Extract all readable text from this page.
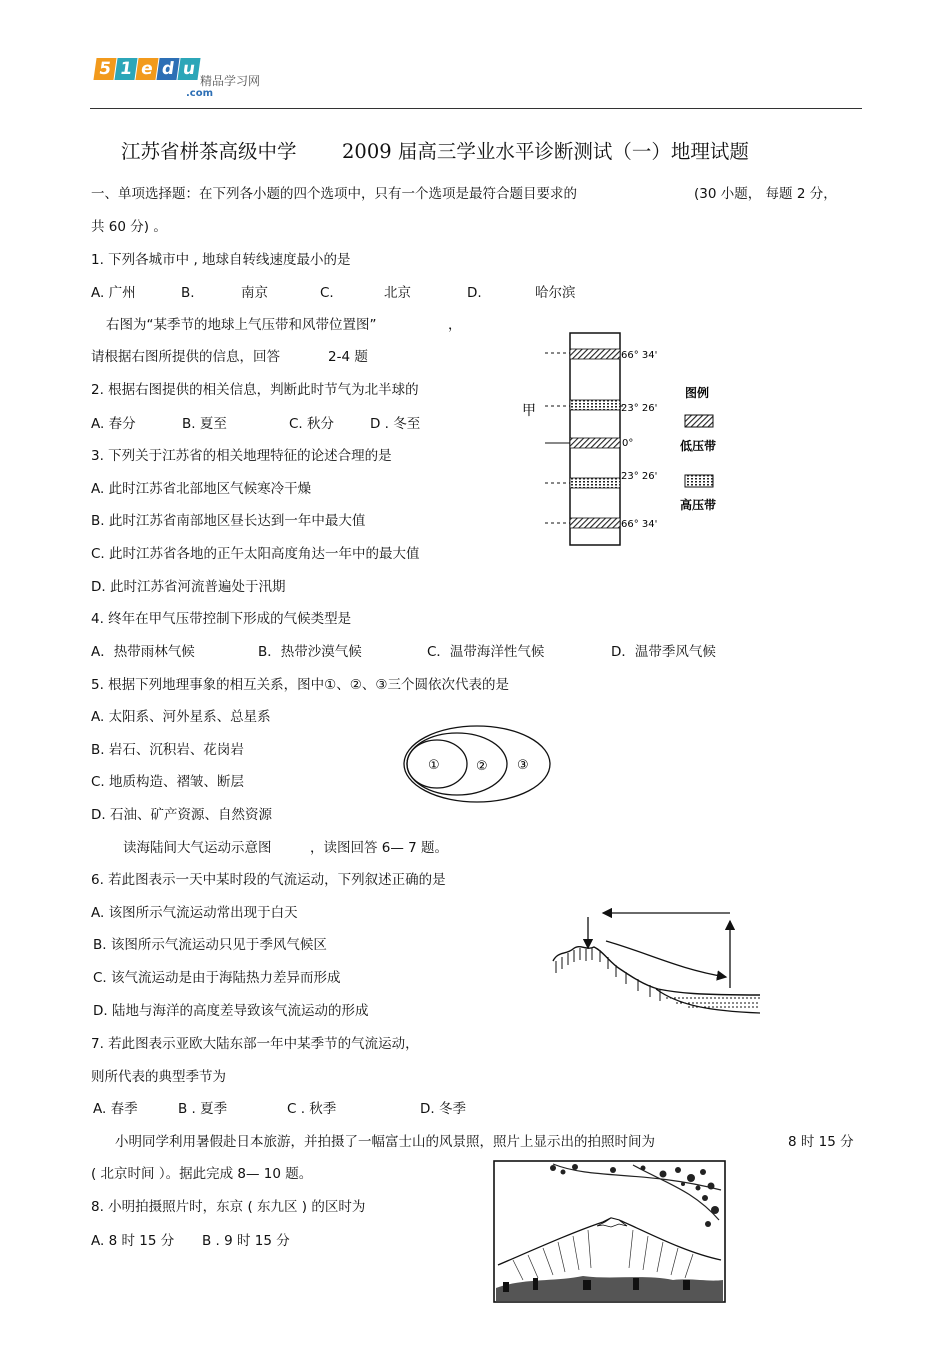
5 1 e d u
精品学习网
.com
江苏省栟茶高级中学 2009 届高三学业水平诊断测试（一）地理试题
一、单项选择题：在下列各小题的四个选项中，只有一个选项是最符合题目要求的	(30 小题， 每题 2 分，
共 60 分) 。
1. 下列各城市中 , 地球自转线速度最小的是
A. 广州	B.	南京	C.	北京	D.	哈尔滨
右图为“某季节的地球上气压带和风带位置图”	，
请根据右图所提供的信息，回答	2-4 题
2. 根据右图提供的相关信息，判断此时节气为北半球的
A. 春分	B. 夏至	C. 秋分	D . 冬至
3. 下列关于江苏省的相关地理特征的论述合理的是
A. 此时江苏省北部地区气候寒冷干燥
B. 此时江苏省南部地区昼长达到一年中最大值
C. 此时江苏省各地的正午太阳高度角达一年中的最大值
D. 此时江苏省河流普遍处于汛期
4. 终年在甲气压带控制下形成的气候类型是
A．热带雨林气候	B．热带沙漠气候	C．温带海洋性气候	D．温带季风气候
5. 根据下列地理事象的相互关系，图中①、②、③三个圆依次代表的是
A. 太阳系、河外星系、总星系
B. 岩石、沉积岩、花岗岩
C. 地质构造、褶皱、断层
D. 石油、矿产资源、自然资源
读海陆间大气运动示意图	，读图回答 6— 7 题。
6. 若此图表示一天中某时段的气流运动，下列叙述正确的是
A. 该图所示气流运动常出现于白天
B. 该图所示气流运动只见于季风气候区
C. 该气流运动是由于海陆热力差异而形成
D. 陆地与海洋的高度差导致该气流运动的形成
7. 若此图表示亚欧大陆东部一年中某季节的气流运动，
则所代表的典型季节为
A. 春季	B . 夏季	C . 秋季	D. 冬季
小明同学利用暑假赴日本旅游，并拍摄了一幅富士山的风景照，照片上显示出的拍照时间为	8 时 15 分
( 北京时间 ）。据此完成 8— 10 题。
8. 小明拍摄照片时，东京 ( 东九区 ) 的区时为
A. 8 时 15 分 B . 9 时 15 分
66° 34'
23° 26'
0°
23° 26'
66° 34'
甲
图例
低压带
高压带
①	② ③
